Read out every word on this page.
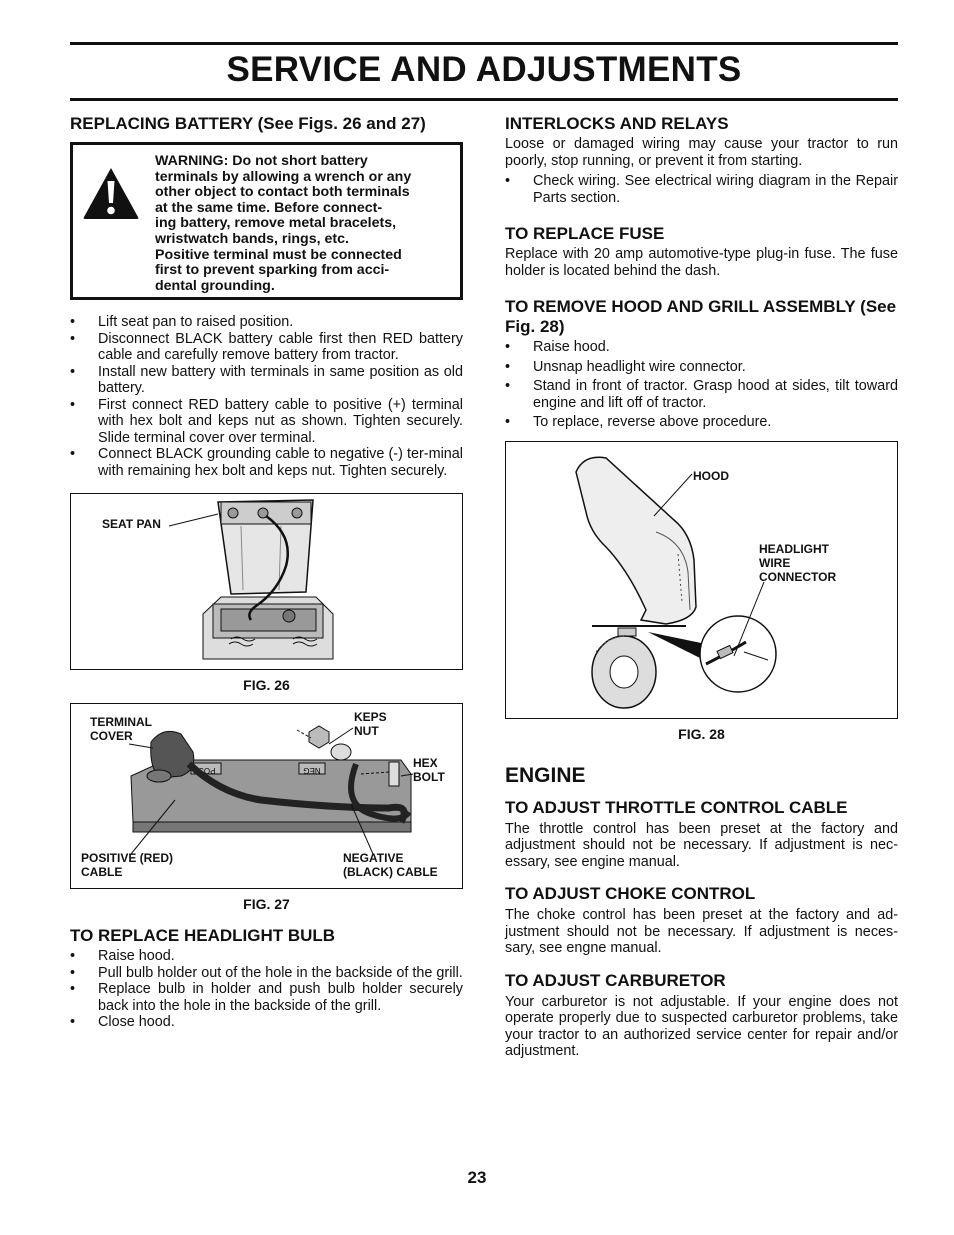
SERVICE AND ADJUSTMENTS
REPLACING BATTERY (See Figs. 26 and 27)
WARNING: Do not short battery
terminals by allowing a wrench or any
other object to contact both terminals
at the same time. Before connect-
ing battery, remove metal bracelets,
wristwatch bands, rings, etc.
Positive terminal must be connected
first to prevent sparking from acci-
dental grounding.
• Lift seat pan to raised position.
• Disconnect BLACK battery cable first then RED battery cable and carefully remove battery from tractor.
• Install new battery with terminals in same position as old battery.
• First connect RED battery cable to positive (+) terminal with hex bolt and keps nut as shown. Tighten securely. Slide terminal cover over terminal.
• Connect BLACK grounding cable to negative (-) ter-minal with remaining hex bolt and keps nut. Tighten securely.
SEAT PAN
FIG. 26
POS	NEG
TERMINAL COVER
KEPS NUT
HEX BOLT
POSITIVE (RED) CABLE
NEGATIVE (BLACK) CABLE
FIG. 27
TO REPLACE HEADLIGHT BULB
• Raise hood.
• Pull bulb holder out of the hole in the backside of the grill.
• Replace bulb in holder and push bulb holder securely back into the hole in the backside of the grill.
• Close hood.
INTERLOCKS AND RELAYS

Loose or damaged wiring may cause your tractor to run poorly, stop running, or prevent it from starting.

• Check wiring. See electrical wiring diagram in the Repair Parts section.
TO REPLACE FUSE

Replace with 20 amp automotive-type plug-in fuse. The fuse holder is located behind the dash.

TO REMOVE HOOD AND GRILL ASSEMBLY (See Fig. 28)
• Raise hood.
• Unsnap headlight wire connector.
• Stand in front of tractor. Grasp hood at sides, tilt toward engine and lift off of tractor.
• To replace, reverse above procedure.
HOOD
HEADLIGHT WIRE CONNECTOR
FIG. 28
ENGINE
TO ADJUST THROTTLE CONTROL CABLE

The throttle control has been preset at the factory and adjustment should not be necessary. If adjustment is nec-essary, see engine manual.

TO ADJUST CHOKE CONTROL

The choke control has been preset at the factory and ad-justment should not be necessary. If adjustment is neces-sary, see engne manual.

TO ADJUST CARBURETOR

Your carburetor is not adjustable. If your engine does not operate properly due to suspected carburetor problems, take your tractor to an authorized service center for repair and/or adjustment.

23
